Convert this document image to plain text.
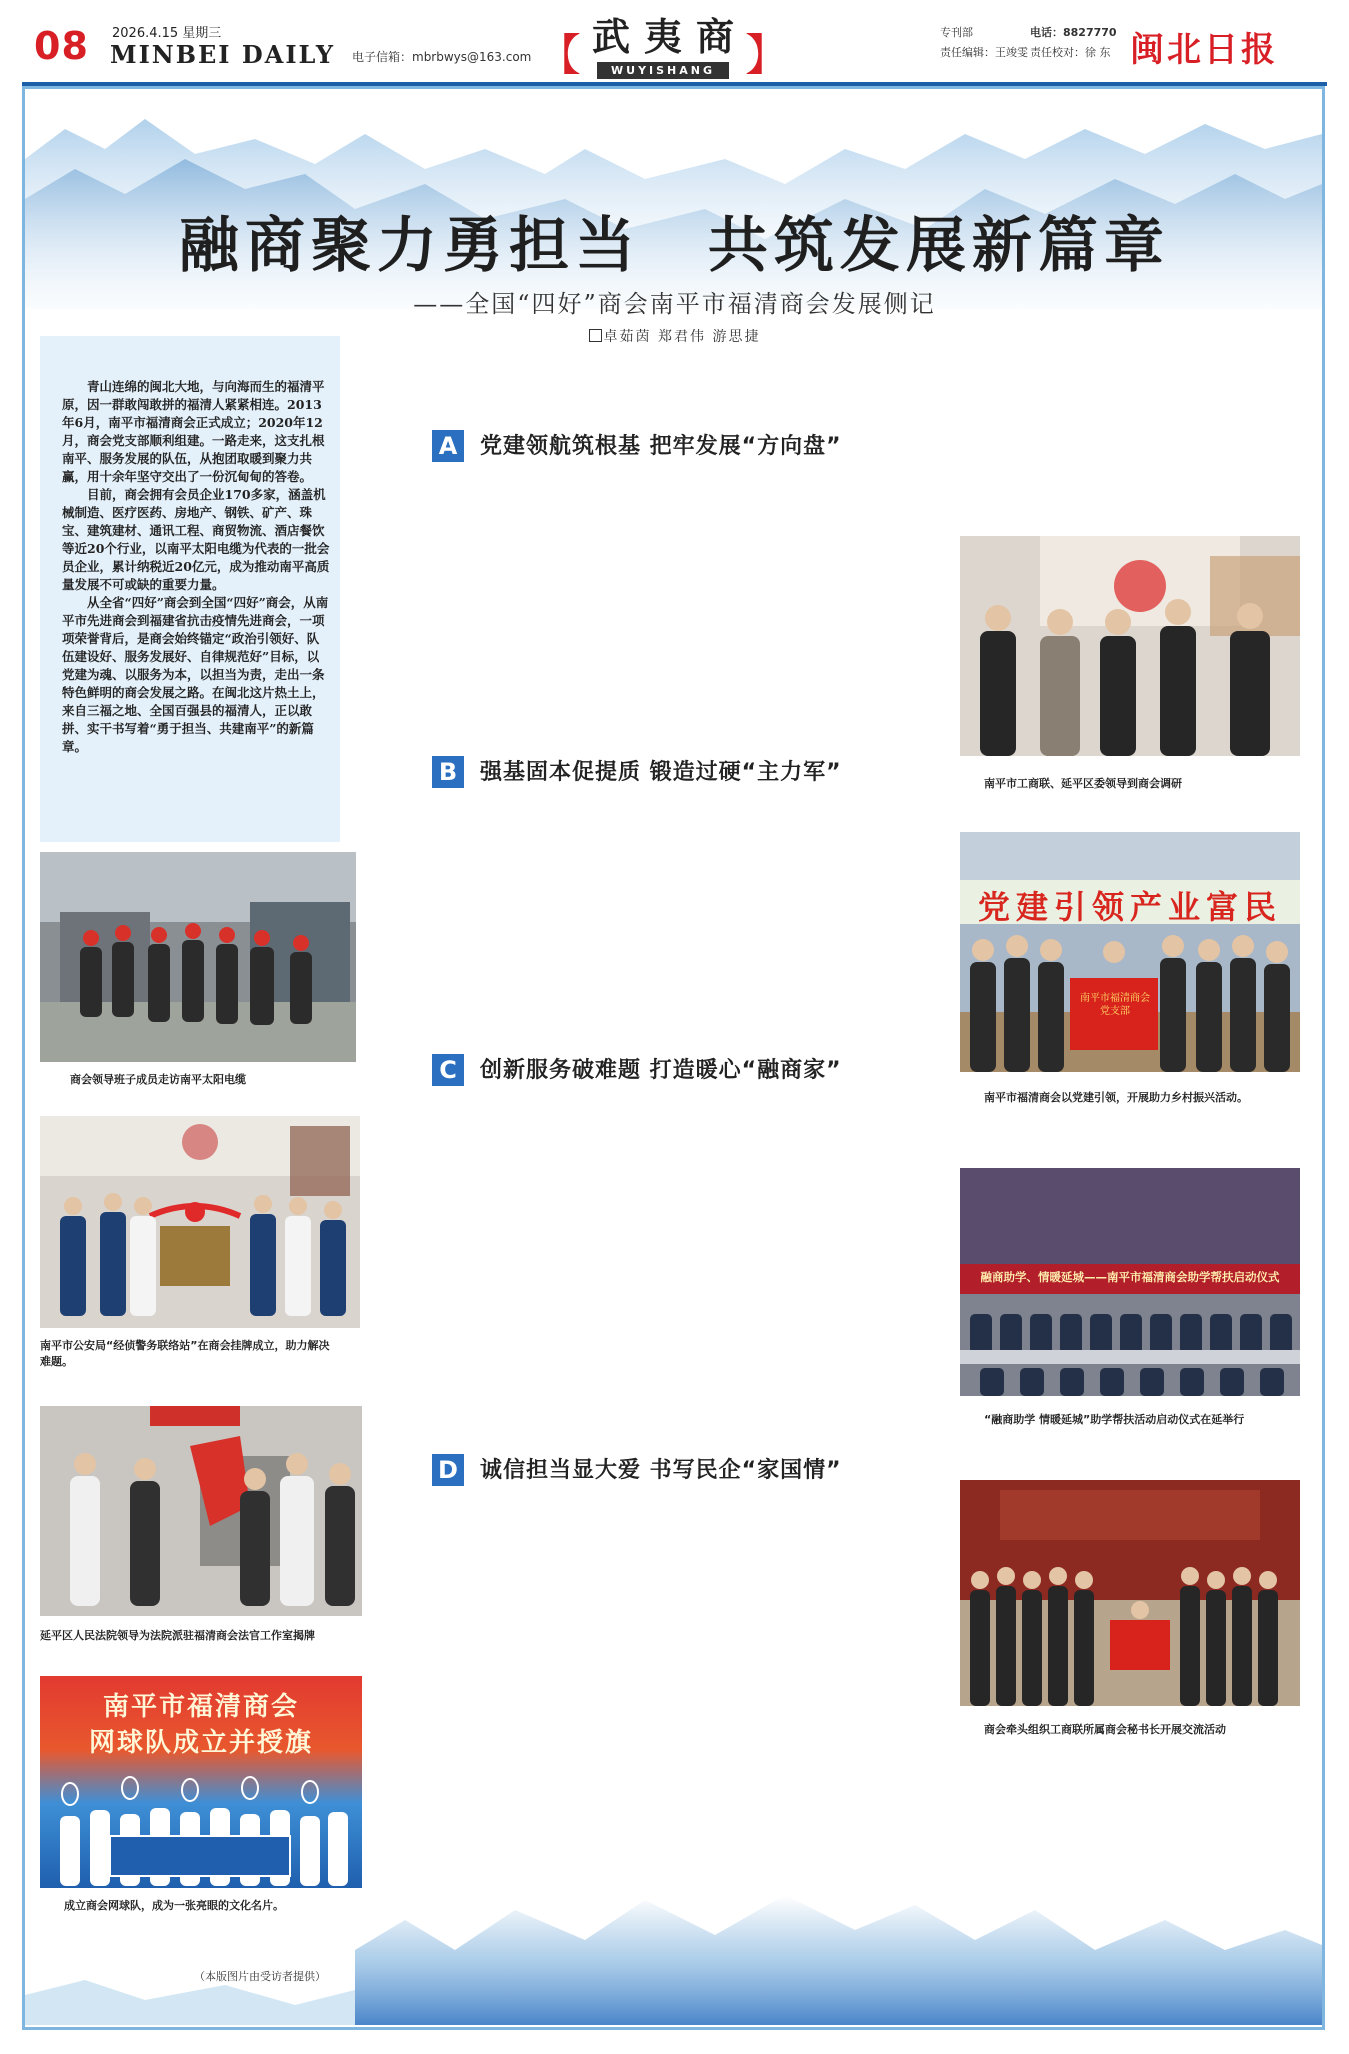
08 2026.4.15 星期三
MINBEI DAILY 电子信箱：mbrbwys@163.com 【 武夷商
WUYISHANG 】	专刊部	电话：8827770
责任编辑：王竣雯 责任校对：徐 东 闽北日报
融商聚力勇担当 共筑发展新篇章
——全国“四好”商会南平市福清商会发展侧记
卓茹茵 郑君伟 游思捷

青山连绵的闽北大地，与向海而生的福清平原，因一群敢闯敢拼的福清人紧紧相连。2013年6月，南平市福清商会正式成立；2020年12月，商会党支部顺利组建。一路走来，这支扎根南平、服务发展的队伍，从抱团取暖到聚力共赢，用十余年坚守交出了一份沉甸甸的答卷。

目前，商会拥有会员企业170多家，涵盖机械制造、医疗医药、房地产、钢铁、矿产、珠宝、建筑建材、通讯工程、商贸物流、酒店餐饮等近20个行业，以南平太阳电缆为代表的一批会员企业，累计纳税近20亿元，成为推动南平高质量发展不可或缺的重要力量。

从全省“四好”商会到全国“四好”商会，从南平市先进商会到福建省抗击疫情先进商会，一项项荣誉背后，是商会始终锚定“政治引领好、队伍建设好、服务发展好、自律规范好”目标，以党建为魂、以服务为本，以担当为责，走出一条特色鲜明的商会发展之路。在闽北这片热土上，来自三福之地、全国百强县的福清人，正以敢拼、实干书写着“勇于担当、共建南平”的新篇章。

A	党建领航筑根基 把牢发展“方向盘”
B	强基固本促提质 锻造过硬“主力军”
C	创新服务破难题 打造暖心“融商家”
D 诚信担当显大爱 书写民企“家国情”
商会领导班子成员走访南平太阳电缆
南平市公安局“经侦警务联络站”在商会挂牌成立，助力解决难题。
延平区人民法院领导为法院派驻福清商会法官工作室揭牌
南平市福清商会
网球队成立并授旗
成立商会网球队，成为一张亮眼的文化名片。
南平市工商联、延平区委领导到商会调研
党建引领产业富民
南平市福清商会 党支部
南平市福清商会以党建引领，开展助力乡村振兴活动。
融商助学、情暖延城——南平市福清商会助学帮扶启动仪式
“融商助学 情暖延城”助学帮扶活动启动仪式在延举行
商会牵头组织工商联所属商会秘书长开展交流活动
（本版图片由受访者提供）
